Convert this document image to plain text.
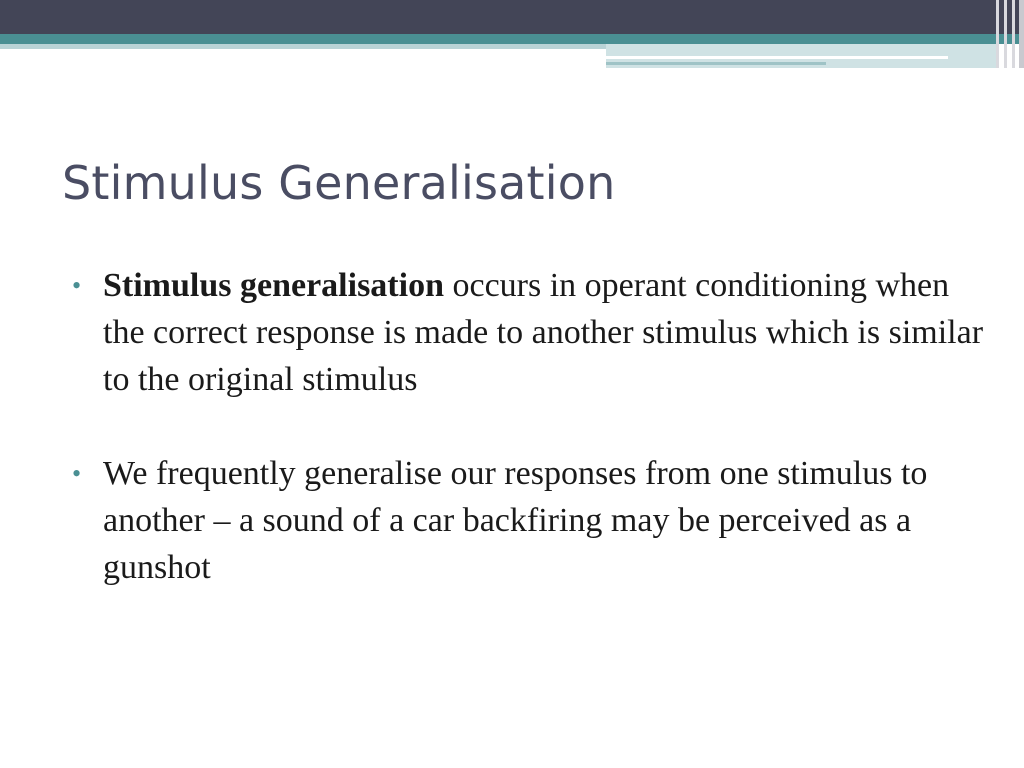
Stimulus Generalisation
• Stimulus generalisation occurs in operant conditioning when the correct response is made to another stimulus which is similar to the original stimulus
• We frequently generalise our responses from one stimulus to another – a sound of a car backfiring may be perceived as a gunshot
